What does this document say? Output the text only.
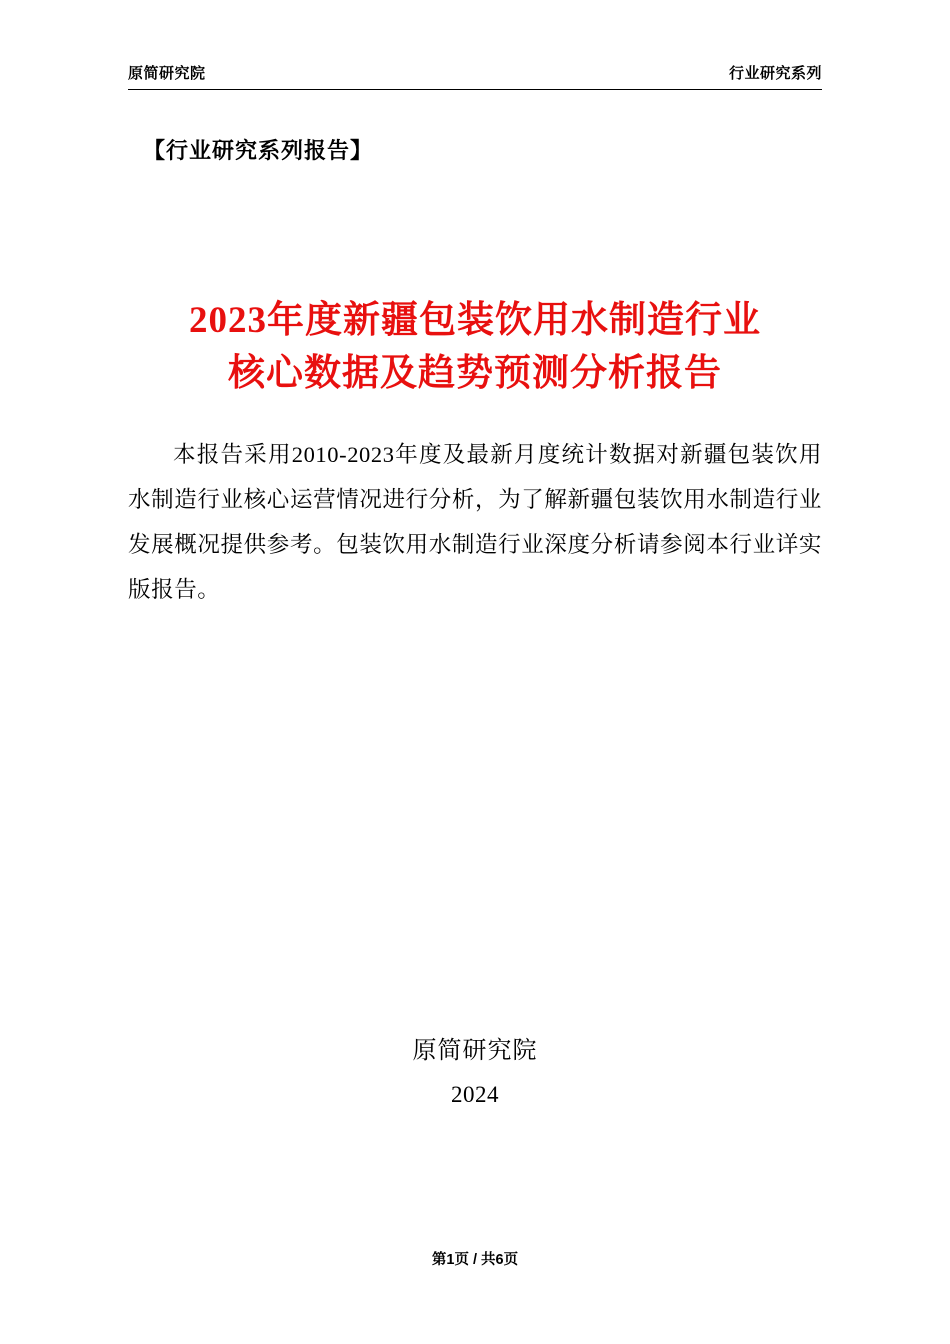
原简研究院	行业研究系列
【行业研究系列报告】
2023年度新疆包装饮用水制造行业
核心数据及趋势预测分析报告
本报告采用2010-2023年度及最新月度统计数据对新疆包装饮用水制造行业核心运营情况进行分析，为了解新疆包装饮用水制造行业发展概况提供参考。包装饮用水制造行业深度分析请参阅本行业详实版报告。
原简研究院
2024
第1页 / 共6页
